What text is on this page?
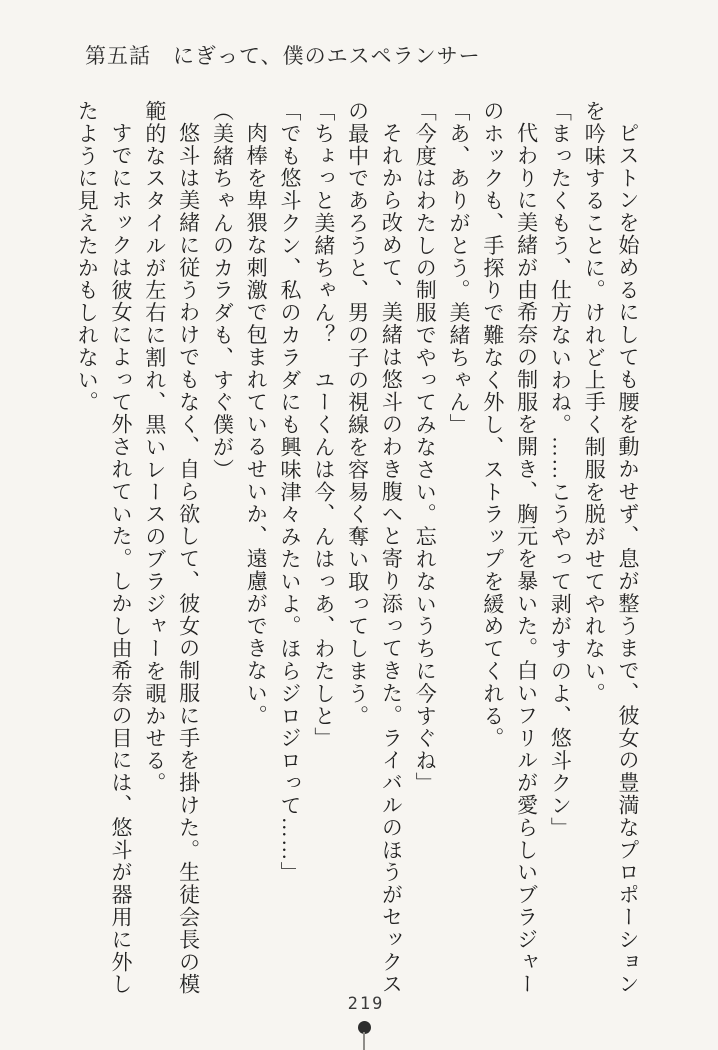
第五話　にぎって、僕のエスペランサー

ピストンを始めるにしても腰を動かせず、息が整うまで、彼女の豊満なプロポーションを吟味することに。けれど上手く制服を脱がせてやれない。

「まったくもう、仕方ないわね。……こうやって剥がすのよ、悠斗クン」

代わりに美緒が由希奈の制服を開き、胸元を暴いた。白いフリルが愛らしいブラジャーのホックも、手探りで難なく外し、ストラップを緩めてくれる。

「あ、ありがとう。美緒ちゃん」

「今度はわたしの制服でやってみなさい。忘れないうちに今すぐね」

それから改めて、美緒は悠斗のわき腹へと寄り添ってきた。ライバルのほうがセックスの最中であろうと、男の子の視線を容易く奪い取ってしまう。

「ちょっと美緒ちゃん？　ユーくんは今、んはっあ、わたしと」

「でも悠斗クン、私のカラダにも興味津々みたいよ。ほらジロジロって……」

肉棒を卑猥な刺激で包まれているせいか、遠慮ができない。

（美緒ちゃんのカラダも、すぐ僕が）

悠斗は美緒に従うわけでもなく、自ら欲して、彼女の制服に手を掛けた。生徒会長の模範的なスタイルが左右に割れ、黒いレースのブラジャーを覗かせる。

すでにホックは彼女によって外されていた。しかし由希奈の目には、悠斗が器用に外したように見えたかもしれない。

219
